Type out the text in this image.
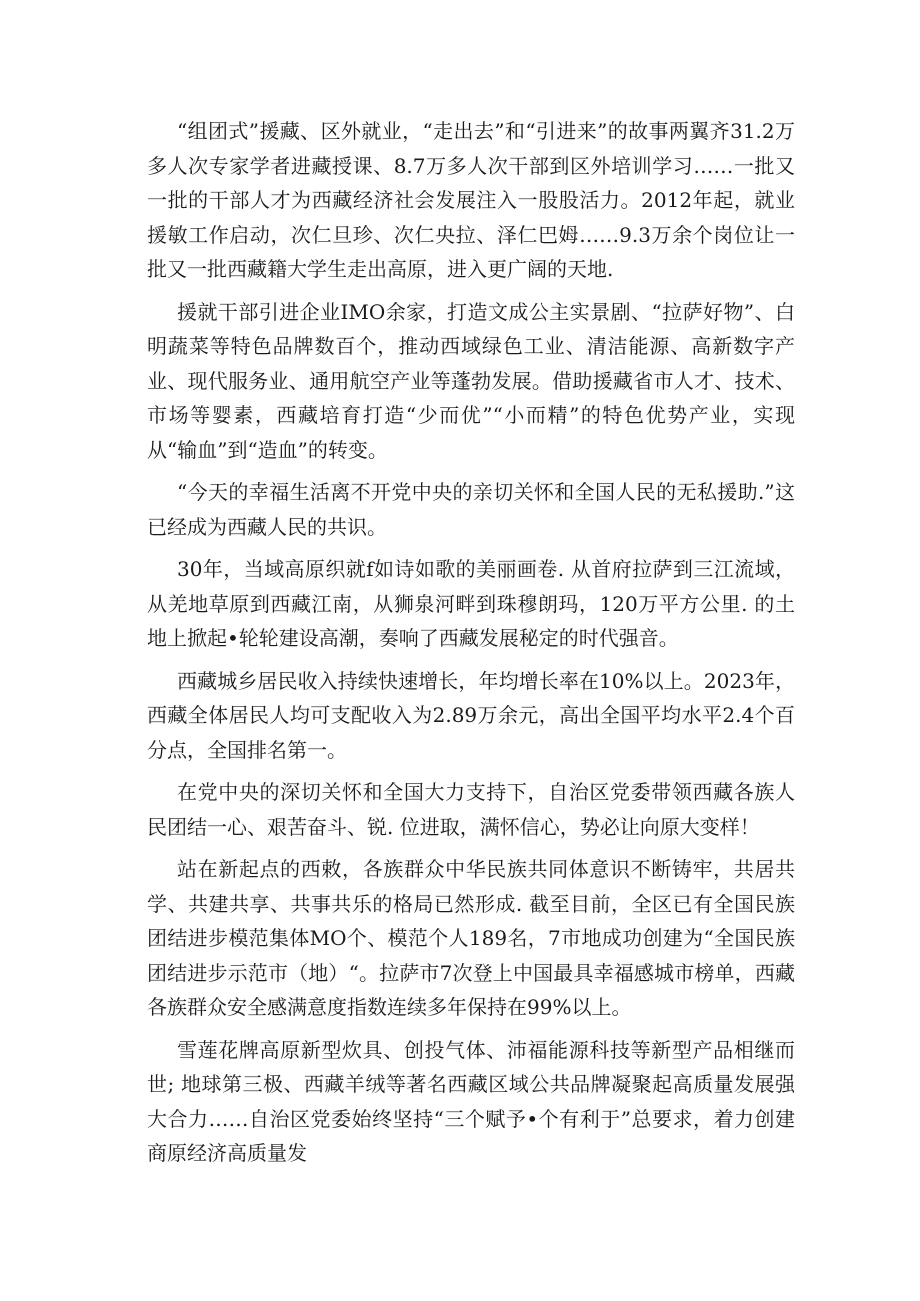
“组团式”援藏、区外就业，“走出去”和“引进来”的故事两翼齐31.2万多人次专家学者进藏授课、8.7万多人次干部到区外培训学习……一批又一批的干部人才为西藏经济社会发展注入一股股活力。2012年起，就业援敏工作启动，次仁旦珍、次仁央拉、泽仁巴姆……9.3万余个岗位让一批又一批西藏籍大学生走出高原，进入更广阔的天地.

援就干部引进企业IMO余家，打造文成公主实景剧、“拉萨好物”、白明蔬菜等特色品牌数百个，推动西域绿色工业、清洁能源、高新数字产业、现代服务业、通用航空产业等蓬勃发展。借助援藏省市人才、技术、市场等婴素，西藏培育打造“少而优”“小而精”的特色优势产业，实现从“输血”到“造血”的转变。

“今天的幸福生活离不开党中央的亲切关怀和全国人民的无私援助.”这已经成为西藏人民的共识。

30年，当域高原织就f如诗如歌的美丽画卷. 从首府拉萨到三江流域，从羌地草原到西藏江南，从狮泉河畔到珠穆朗玛，120万平方公里. 的土地上掀起•轮轮建设高潮，奏响了西藏发展秘定的时代强音。

西藏城乡居民收入持续快速增长，年均增长率在10%以上。2023年，西藏全体居民人均可支配收入为2.89万余元，高出全国平均水平2.4个百分点，全国排名第一。

在党中央的深切关怀和全国大力支持下，自治区党委带领西藏各族人民团结一心、艰苦奋斗、锐. 位进取，满怀信心，势必让向原大变样！

站在新起点的西敕，各族群众中华民族共同体意识不断铸牢，共居共学、共建共享、共事共乐的格局已然形成. 截至目前，全区已有全国民族团结进步模范集体MO个、模范个人189名，7市地成功创建为“全国民族团结进步示范市（地）“。拉萨市7次登上中国最具幸福感城市榜单，西藏各族群众安全感满意度指数连续多年保持在99%以上。

雪莲花牌高原新型炊具、创投气体、沛福能源科技等新型产品相继而世; 地球第三极、西藏羊绒等著名西藏区域公共品牌凝聚起高质量发展强大合力……自治区党委始终坚持“三个赋予•个有利于”总要求，着力创建商原经济高质量发
